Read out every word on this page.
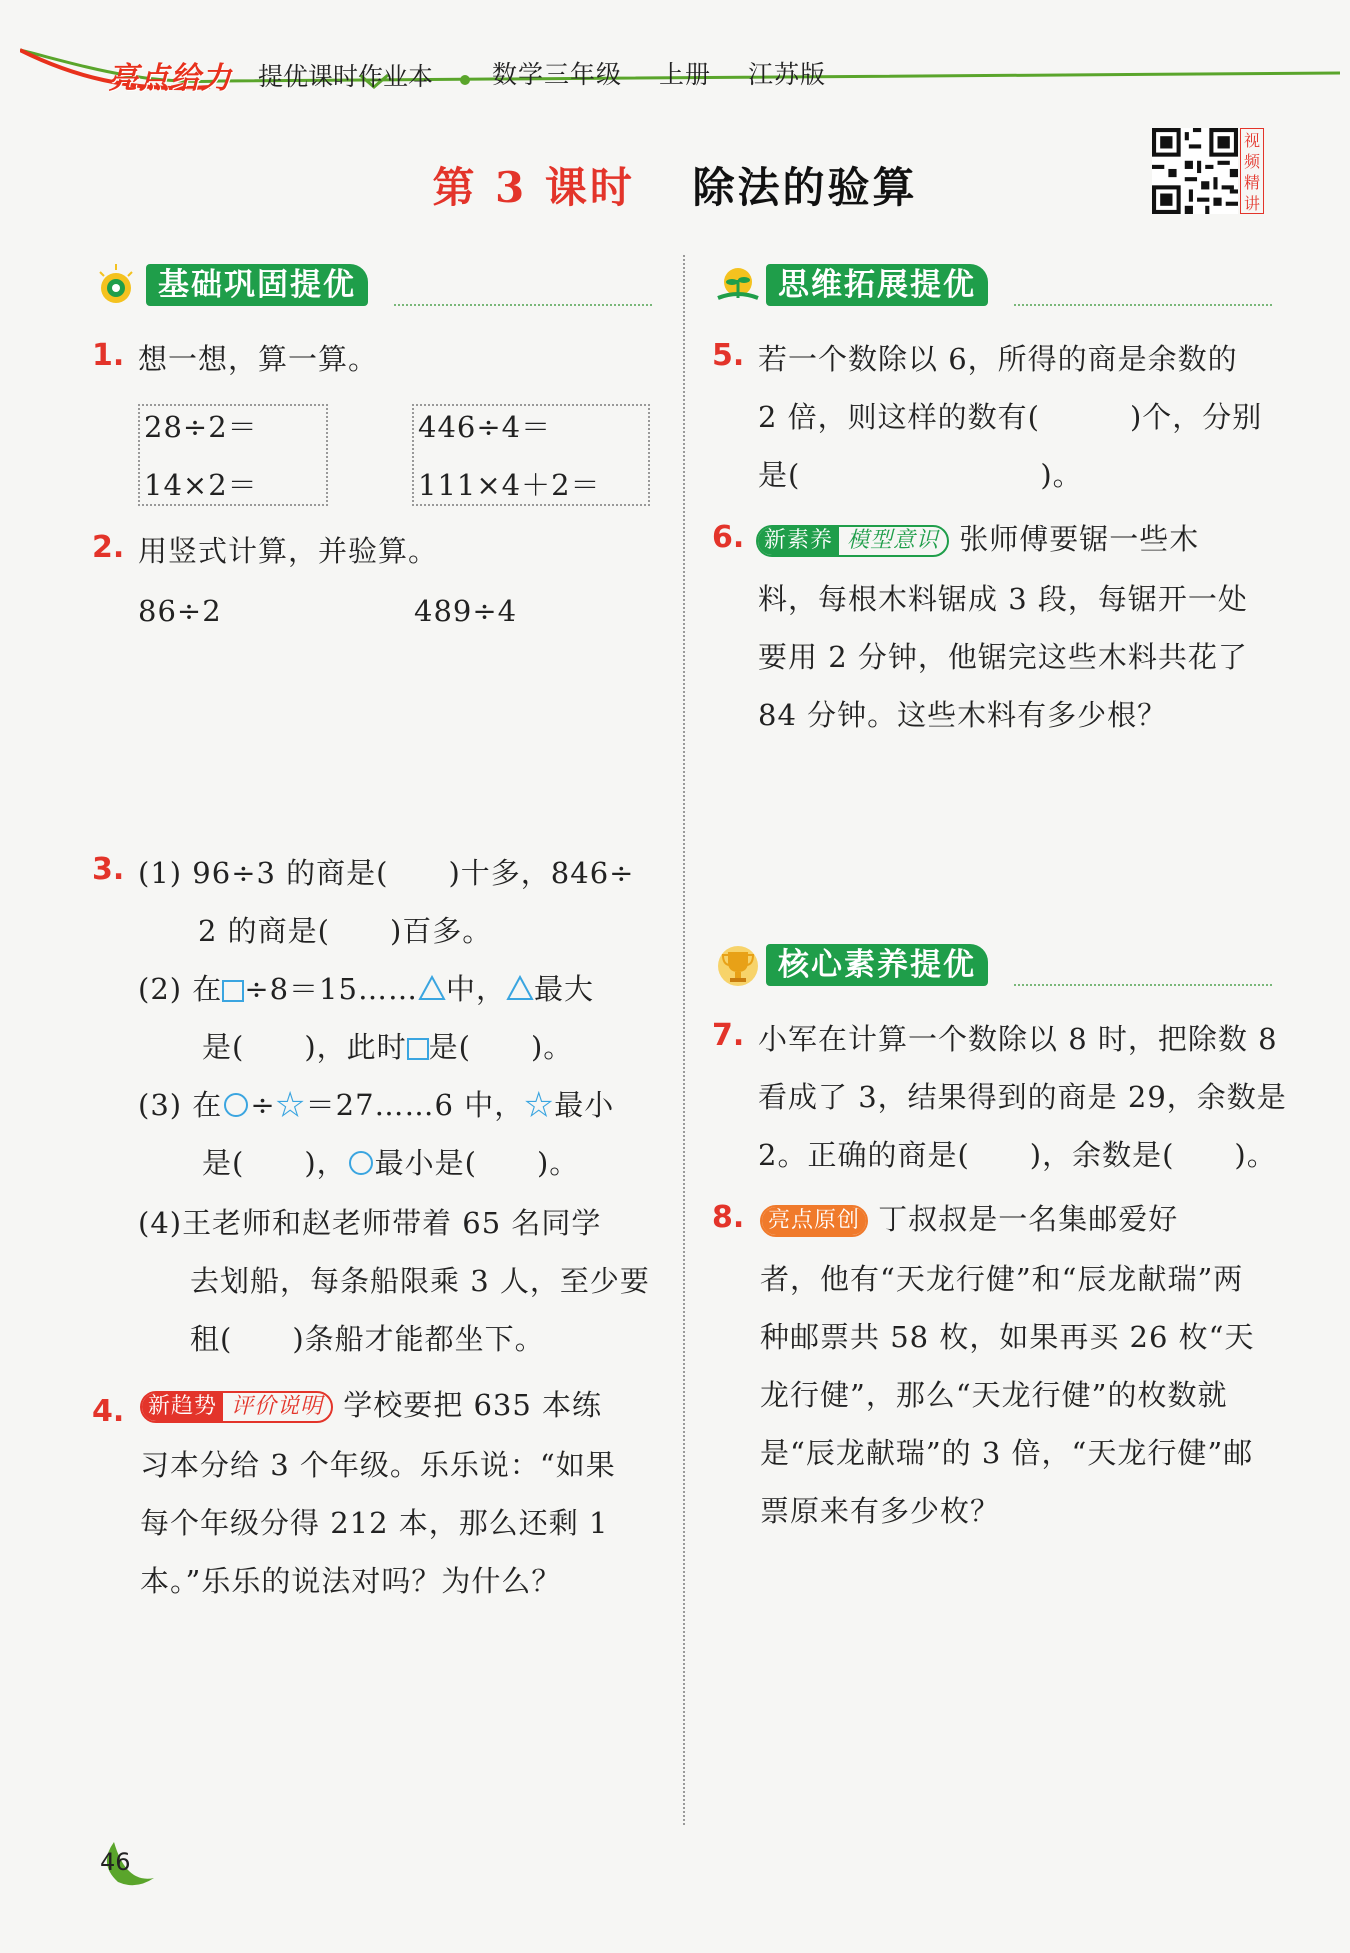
亮点给力 提优课时作业本 数学三年级 上册 江苏版
第 3 课时 除法的验算
视频精讲
基础巩固提优
1. 想一想，算一算。
28÷2＝
14×2＝
446÷4＝
111×4＋2＝
2. 用竖式计算，并验算。
86÷2	489÷4
3. (1) 96÷3 的商是(　　)十多，846÷
2 的商是(　　)百多。
(2) 在 ÷8＝15…… 中， 最大
是(　　)，此时 是(　　)。
(3) 在 ÷☆＝27……6 中，☆最小
是(　　)， 最小是(　　)。
(4)王老师和赵老师带着 65 名同学
去划船，每条船限乘 3 人，至少要
租(　　)条船才能都坐下。
4.	新趋势 评价说明 学校要把 635 本练
习本分给 3 个年级。乐乐说：“如果
每个年级分得 212 本，那么还剩 1
本。”乐乐的说法对吗？为什么？
思维拓展提优
5. 若一个数除以 6，所得的商是余数的
2 倍，则这样的数有(　　　)个，分别
是(　　　　　　　　)。
6. 新素养 模型意识 张师傅要锯一些木
料，每根木料锯成 3 段，每锯开一处
要用 2 分钟，他锯完这些木料共花了
84 分钟。这些木料有多少根？
核心素养提优
7. 小军在计算一个数除以 8 时，把除数 8
看成了 3，结果得到的商是 29，余数是
2。正确的商是(　　)，余数是(　　)。
8.	亮点原创 丁叔叔是一名集邮爱好
者，他有“天龙行健”和“辰龙献瑞”两
种邮票共 58 枚，如果再买 26 枚“天
龙行健”，那么“天龙行健”的枚数就
是“辰龙献瑞”的 3 倍，“天龙行健”邮
票原来有多少枚？
46
